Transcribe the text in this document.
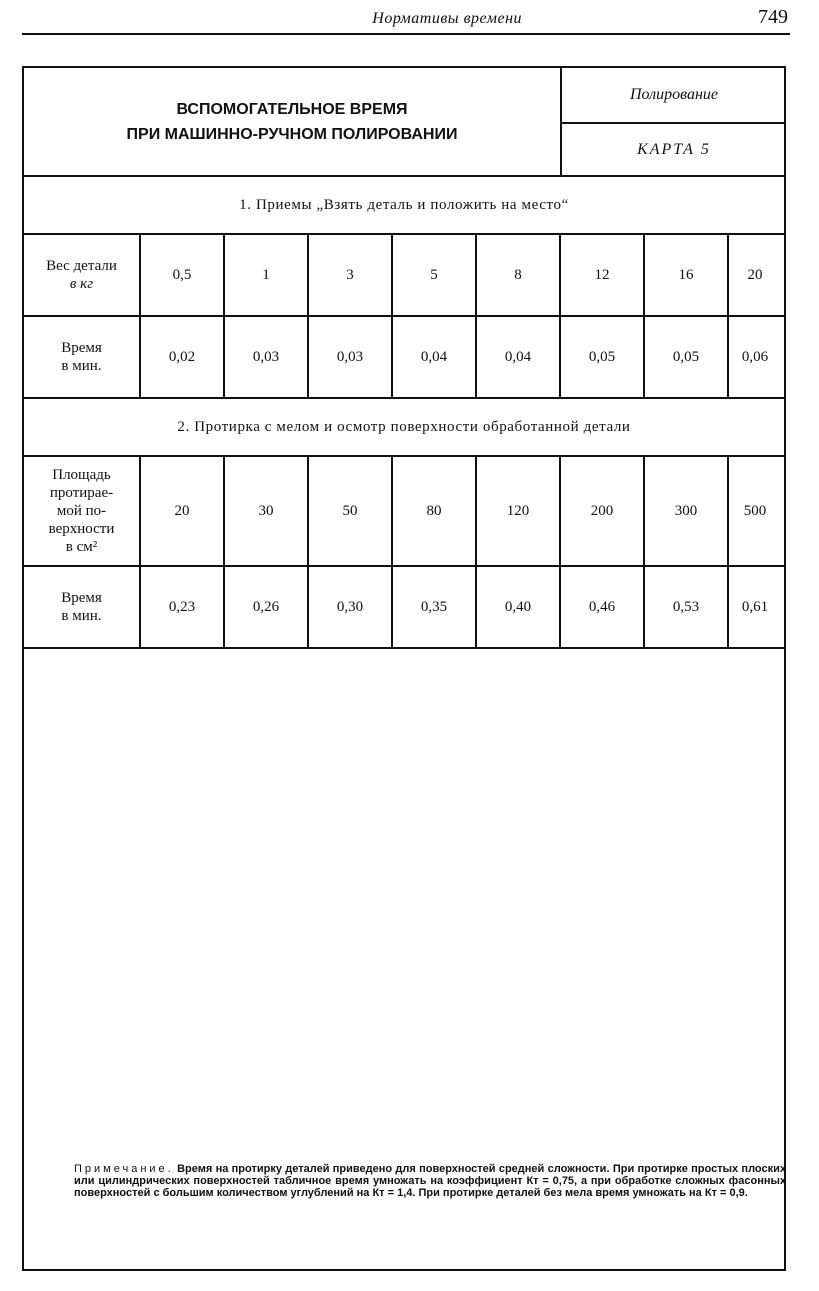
Нормативы времени	749
ВСПОМОГАТЕЛЬНОЕ ВРЕМЯ
ПРИ МАШИННО-РУЧНОМ ПОЛИРОВАНИИ
Полирование
КАРТА 5
1. Приемы „Взять деталь и положить на место“
Вес детали
в кг
0,5	1	3	5	8	12	16	20
Время
в мин.
0,02	0,03	0,03	0,04	0,04	0,05	0,05	0,06
2. Протирка с мелом и осмотр поверхности обработанной детали
Площадь
протирае-
мой по-
верхности
в см²
20	30	50	80	120	200	300	500
Время
в мин.
0,23	0,26	0,30	0,35	0,40	0,46	0,53	0,61
Примечание. Время на протирку деталей приведено для поверхностей средней сложности. При протирке простых плоских или цилиндрических поверхностей табличное время умножать на коэффициент Кт = 0,75, а при обработке сложных фасонных поверхностей с большим количеством углублений на Кт = 1,4. При протирке деталей без мела время умножать на Кт = 0,9.
